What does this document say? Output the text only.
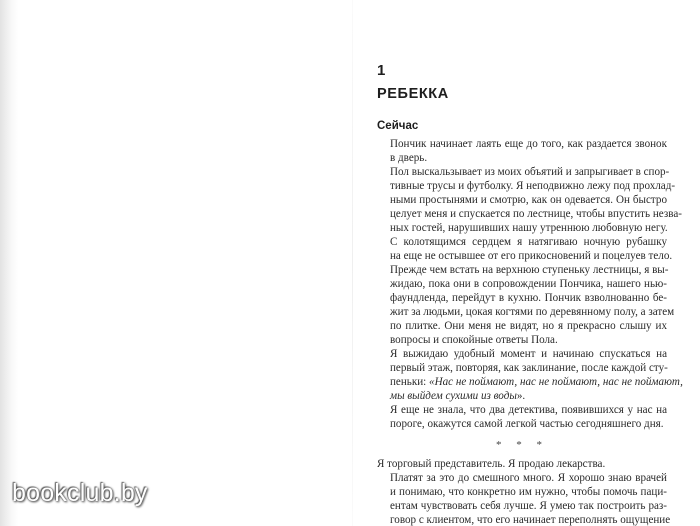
1
РЕБЕККА
Сейчас
Пончик начинает лаять еще до того, как раздается звонок
в дверь.
Пол выскальзывает из моих объятий и запрыгивает в спор-
тивные трусы и футболку. Я неподвижно лежу под прохлад-
ными простынями и смотрю, как он одевается. Он быстро
целует меня и спускается по лестнице, чтобы впустить незва-
ных гостей, нарушивших нашу утреннюю любовную негу.
С колотящимся сердцем я натягиваю ночную рубашку
на еще не остывшее от его прикосновений и поцелуев тело.
Прежде чем встать на верхнюю ступеньку лестницы, я вы-
жидаю, пока они в сопровождении Пончика, нашего нью-
фаундленда, перейдут в кухню. Пончик взволнованно бе-
жит за людьми, цокая когтями по деревянному полу, а затем
по плитке. Они меня не видят, но я прекрасно слышу их
вопросы и спокойные ответы Пола.
Я выжидаю удобный момент и начинаю спускаться на
первый этаж, повторяя, как заклинание, после каждой сту-
пеньки: «Нас не поймают, нас не поймают, нас не поймают,
мы выйдем сухими из воды».
Я еще не знала, что два детектива, появившихся у нас на
пороге, окажутся самой легкой частью сегодняшнего дня.
* * *
Я торговый представитель. Я продаю лекарства.
Платят за это до смешного много. Я хорошо знаю врачей
и понимаю, что конкретно им нужно, чтобы помочь паци-
ентам чувствовать себя лучше. Я умею так построить раз-
говор с клиентом, что его начинает переполнять ощущение
bookclub.by
